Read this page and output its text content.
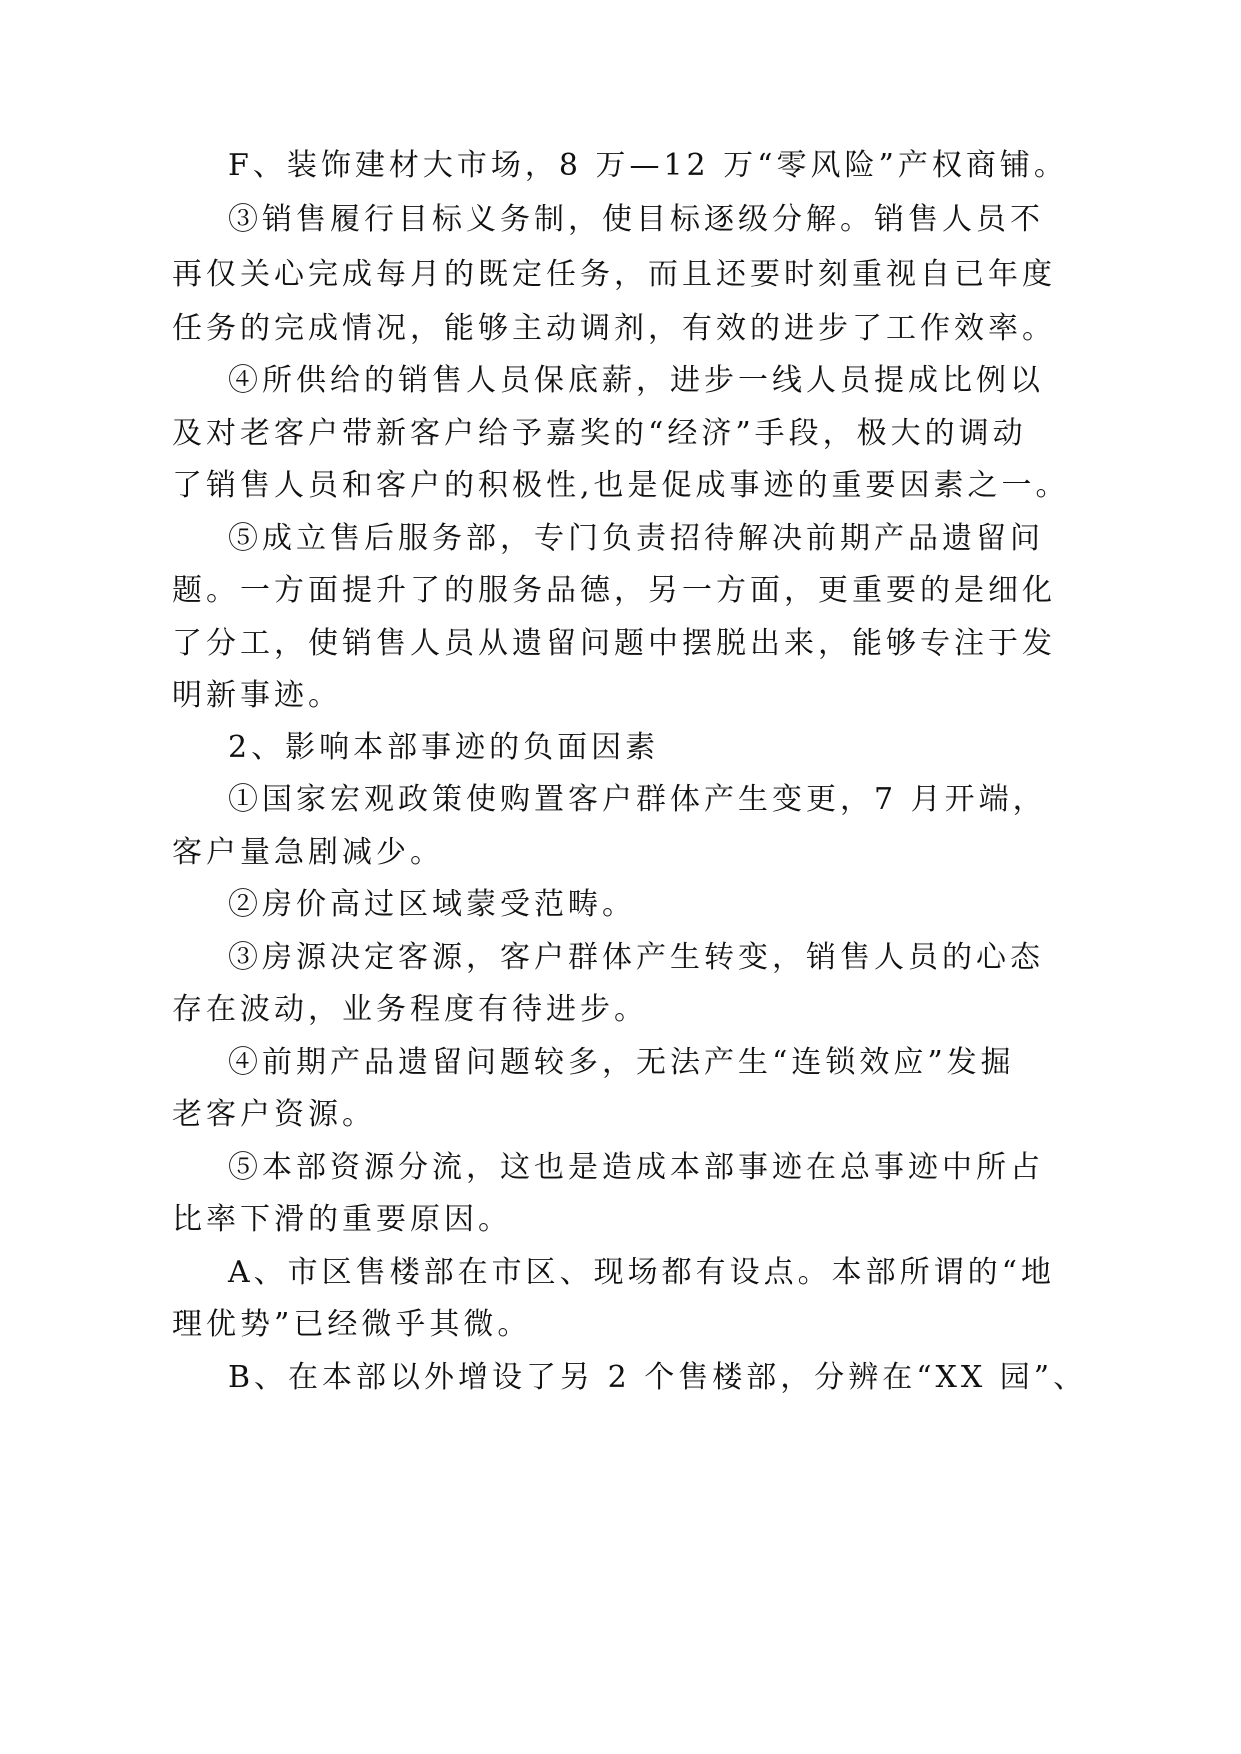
F、装饰建材大市场，8 万—12 万“零风险”产权商铺。

③销售履行目标义务制，使目标逐级分解。销售人员不

再仅关心完成每月的既定任务，而且还要时刻重视自已年度

任务的完成情况，能够主动调剂，有效的进步了工作效率。

④所供给的销售人员保底薪，进步一线人员提成比例以

及对老客户带新客户给予嘉奖的“经济”手段，极大的调动

了销售人员和客户的积极性,也是促成事迹的重要因素之一。

⑤成立售后服务部，专门负责招待解决前期产品遗留问

题。一方面提升了的服务品德，另一方面，更重要的是细化

了分工，使销售人员从遗留问题中摆脱出来，能够专注于发

明新事迹。

2、影响本部事迹的负面因素

①国家宏观政策使购置客户群体产生变更，7 月开端，

客户量急剧减少。

②房价高过区域蒙受范畴。

③房源决定客源，客户群体产生转变，销售人员的心态

存在波动，业务程度有待进步。

④前期产品遗留问题较多，无法产生“连锁效应”发掘

老客户资源。

⑤本部资源分流，这也是造成本部事迹在总事迹中所占

比率下滑的重要原因。

A、市区售楼部在市区、现场都有设点。本部所谓的“地

理优势”已经微乎其微。

B、在本部以外增设了另 2 个售楼部，分辨在“XX 园”、
